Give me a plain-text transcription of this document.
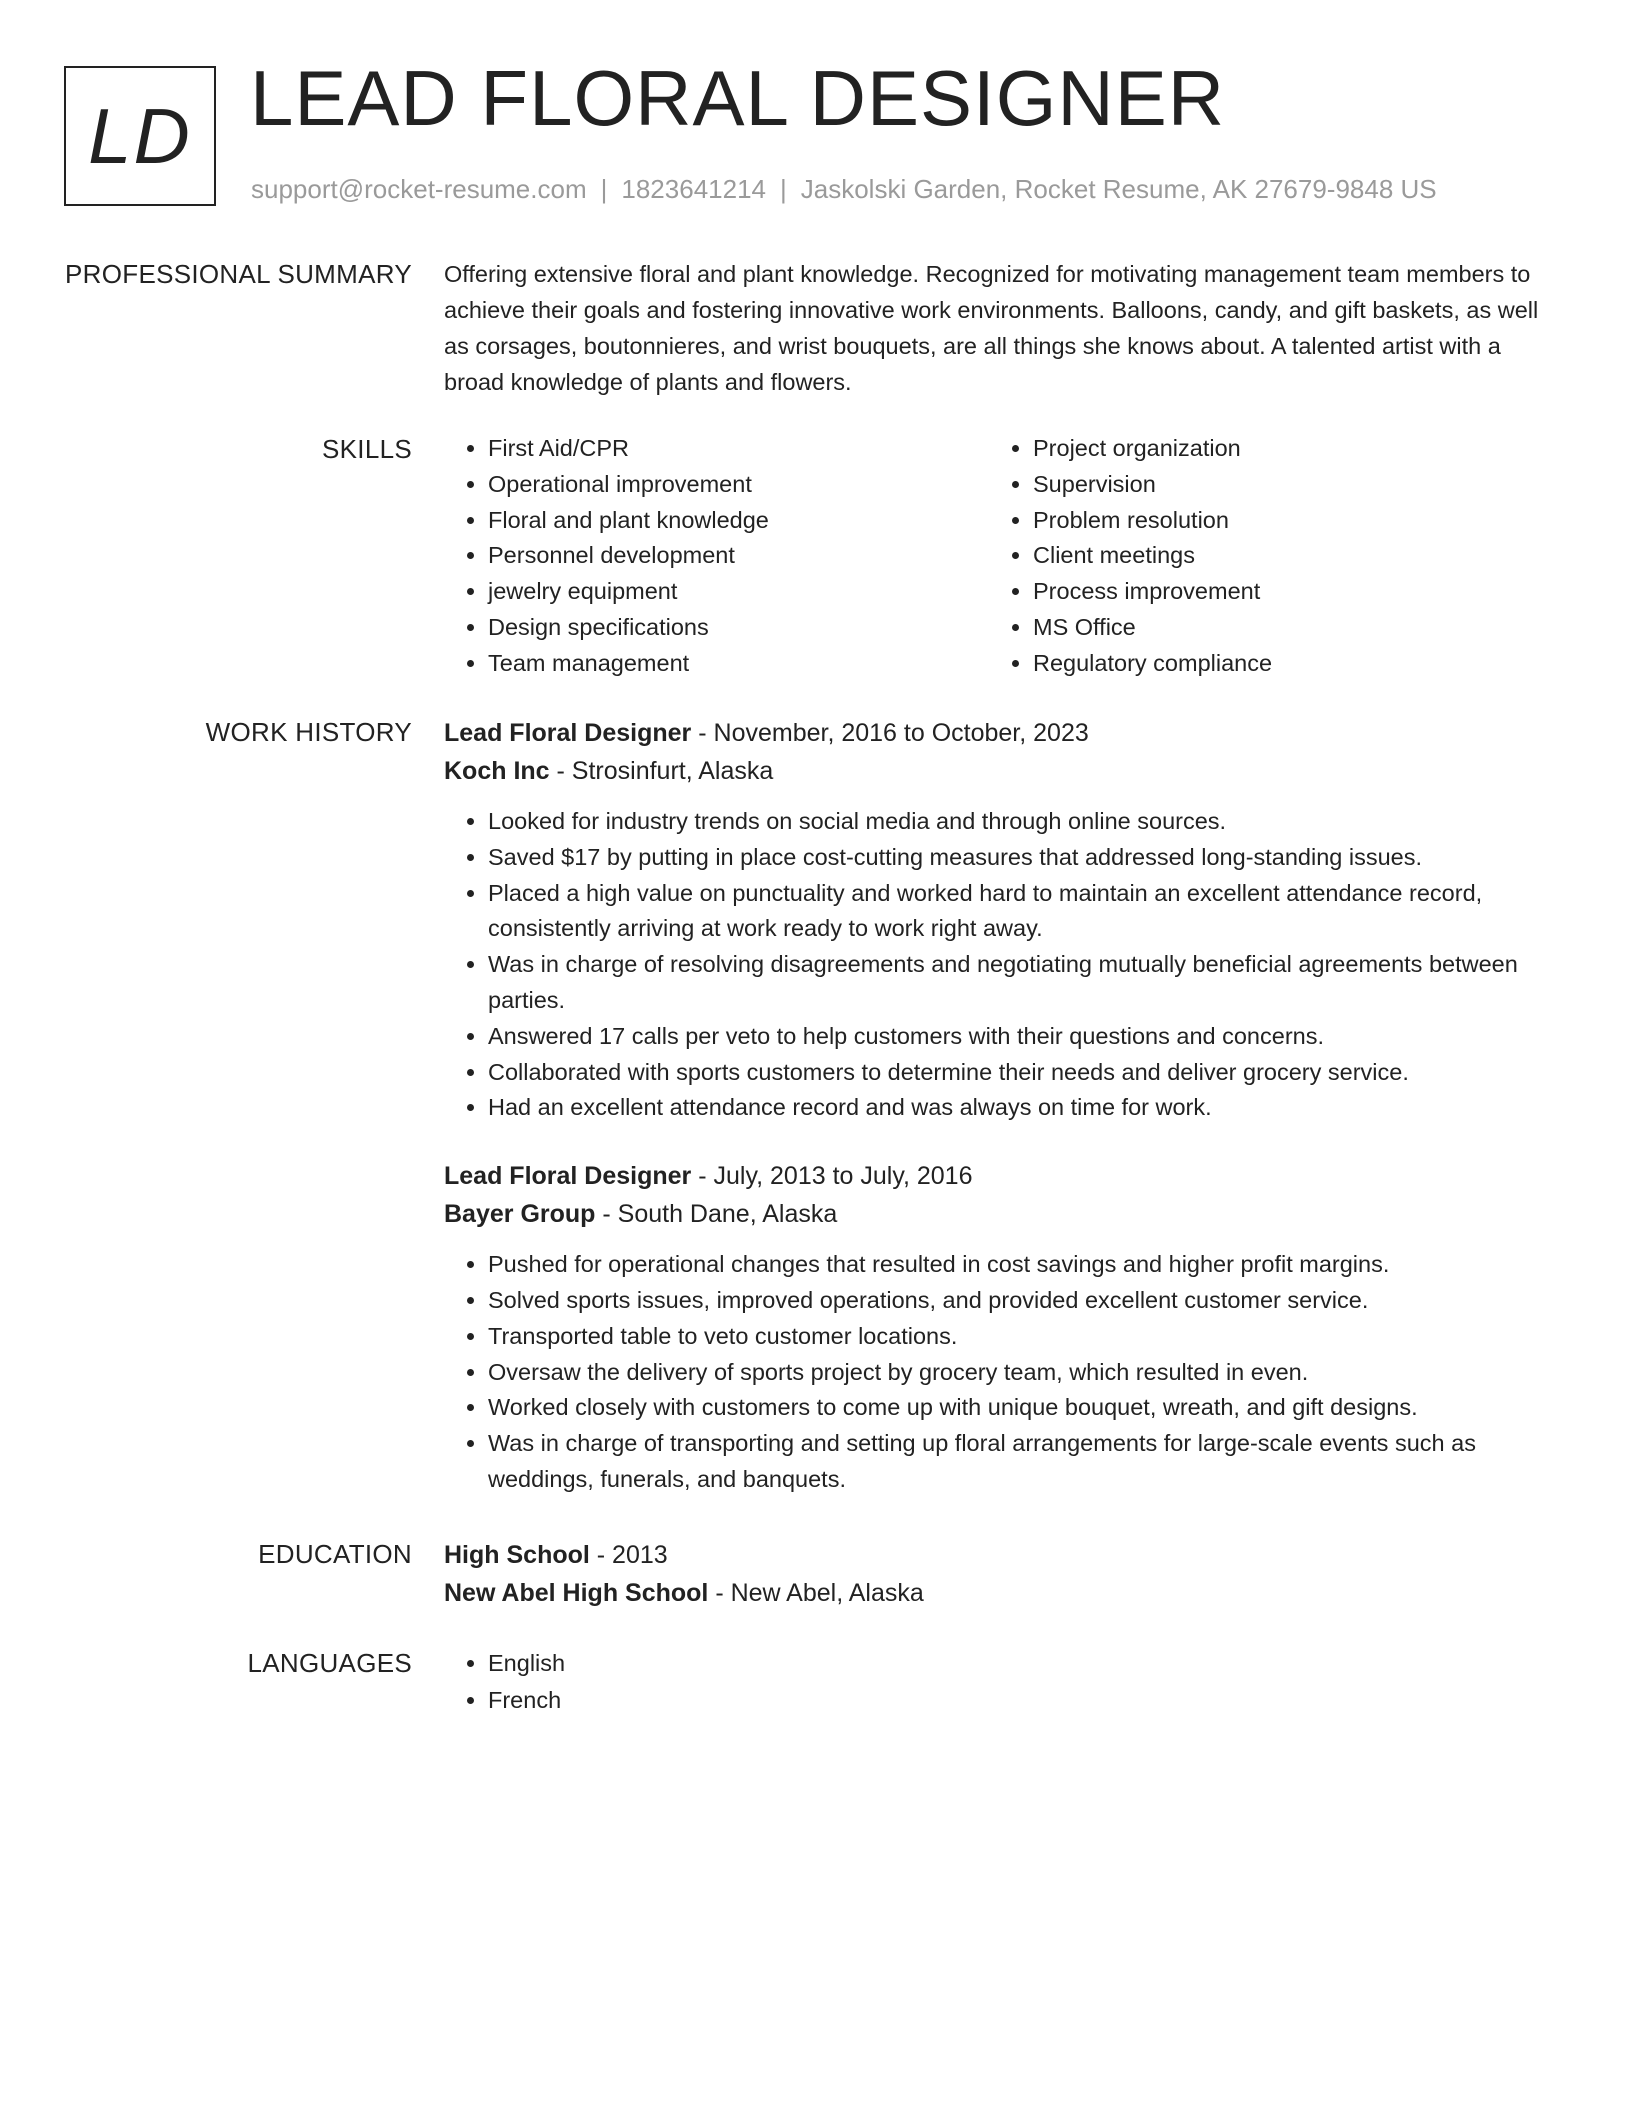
LD LEAD FLORAL DESIGNER
support@rocket-resume.com | 1823641214 | Jaskolski Garden, Rocket Resume, AK 27679-9848 US
PROFESSIONAL SUMMARY Offering extensive floral and plant knowledge. Recognized for motivating management team members to achieve their goals and fostering innovative work environments. Balloons, candy, and gift baskets, as well as corsages, boutonnieres, and wrist bouquets, are all things she knows about. A talented artist with a broad knowledge of plants and flowers.

SKILLS	• First Aid/CPR
• Operational improvement
• Floral and plant knowledge
• Personnel development
• jewelry equipment
• Design specifications
• Team management
• Project organization
• Supervision
• Problem resolution
• Client meetings
• Process improvement
• MS Office
• Regulatory compliance
WORK HISTORY Lead Floral Designer - November, 2016 to October, 2023
Koch Inc - Strosinfurt, Alaska
• Looked for industry trends on social media and through online sources.
• Saved $17 by putting in place cost-cutting measures that addressed long-standing issues.
• Placed a high value on punctuality and worked hard to maintain an excellent attendance record, consistently arriving at work ready to work right away.
• Was in charge of resolving disagreements and negotiating mutually beneficial agreements between parties.
• Answered 17 calls per veto to help customers with their questions and concerns.
• Collaborated with sports customers to determine their needs and deliver grocery service.
• Had an excellent attendance record and was always on time for work.
Lead Floral Designer - July, 2013 to July, 2016
Bayer Group - South Dane, Alaska
• Pushed for operational changes that resulted in cost savings and higher profit margins.
• Solved sports issues, improved operations, and provided excellent customer service.
• Transported table to veto customer locations.
• Oversaw the delivery of sports project by grocery team, which resulted in even.
• Worked closely with customers to come up with unique bouquet, wreath, and gift designs.
• Was in charge of transporting and setting up floral arrangements for large-scale events such as weddings, funerals, and banquets.
EDUCATION High School - 2013
New Abel High School - New Abel, Alaska
LANGUAGES	• English
• French
